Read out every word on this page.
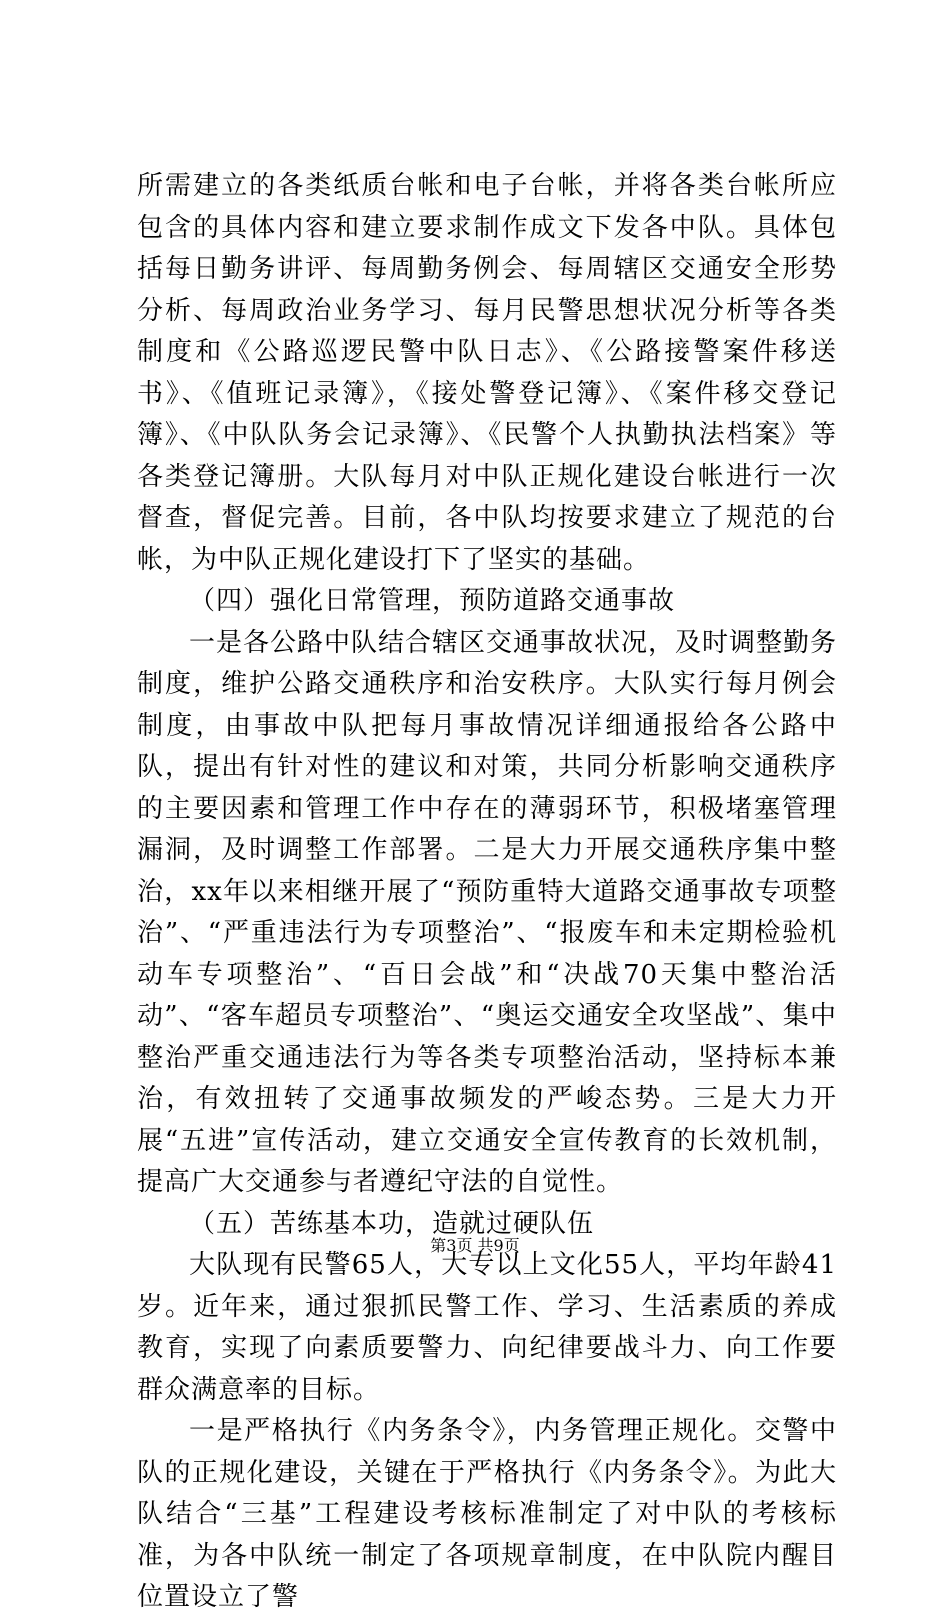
所需建立的各类纸质台帐和电子台帐，并将各类台帐所应包含的具体内容和建立要求制作成文下发各中队。具体包括每日勤务讲评、每周勤务例会、每周辖区交通安全形势分析、每周政治业务学习、每月民警思想状况分析等各类制度和《公路巡逻民警中队日志》、《公路接警案件移送书》、《值班记录簿》，《接处警登记簿》、《案件移交登记簿》、《中队队务会记录簿》、《民警个人执勤执法档案》等各类登记簿册。大队每月对中队正规化建设台帐进行一次督查，督促完善。目前，各中队均按要求建立了规范的台帐，为中队正规化建设打下了坚实的基础。

（四）强化日常管理，预防道路交通事故

一是各公路中队结合辖区交通事故状况，及时调整勤务制度，维护公路交通秩序和治安秩序。大队实行每月例会制度，由事故中队把每月事故情况详细通报给各公路中队，提出有针对性的建议和对策，共同分析影响交通秩序的主要因素和管理工作中存在的薄弱环节，积极堵塞管理漏洞，及时调整工作部署。二是大力开展交通秩序集中整治，xx年以来相继开展了“预防重特大道路交通事故专项整治”、“严重违法行为专项整治”、“报废车和未定期检验机动车专项整治”、“百日会战”和“决战70天集中整治活动”、“客车超员专项整治”、“奥运交通安全攻坚战”、集中整治严重交通违法行为等各类专项整治活动，坚持标本兼治，有效扭转了交通事故频发的严峻态势。三是大力开展“五进”宣传活动，建立交通安全宣传教育的长效机制，提高广大交通参与者遵纪守法的自觉性。

（五）苦练基本功，造就过硬队伍

大队现有民警65人，大专以上文化55人，平均年龄41岁。近年来，通过狠抓民警工作、学习、生活素质的养成教育，实现了向素质要警力、向纪律要战斗力、向工作要群众满意率的目标。

一是严格执行《内务条令》，内务管理正规化。交警中队的正规化建设，关键在于严格执行《内务条令》。为此大队结合“三基”工程建设考核标准制定了对中队的考核标准，为各中队统一制定了各项规章制度，在中队院内醒目位置设立了警

第3页 共9页
